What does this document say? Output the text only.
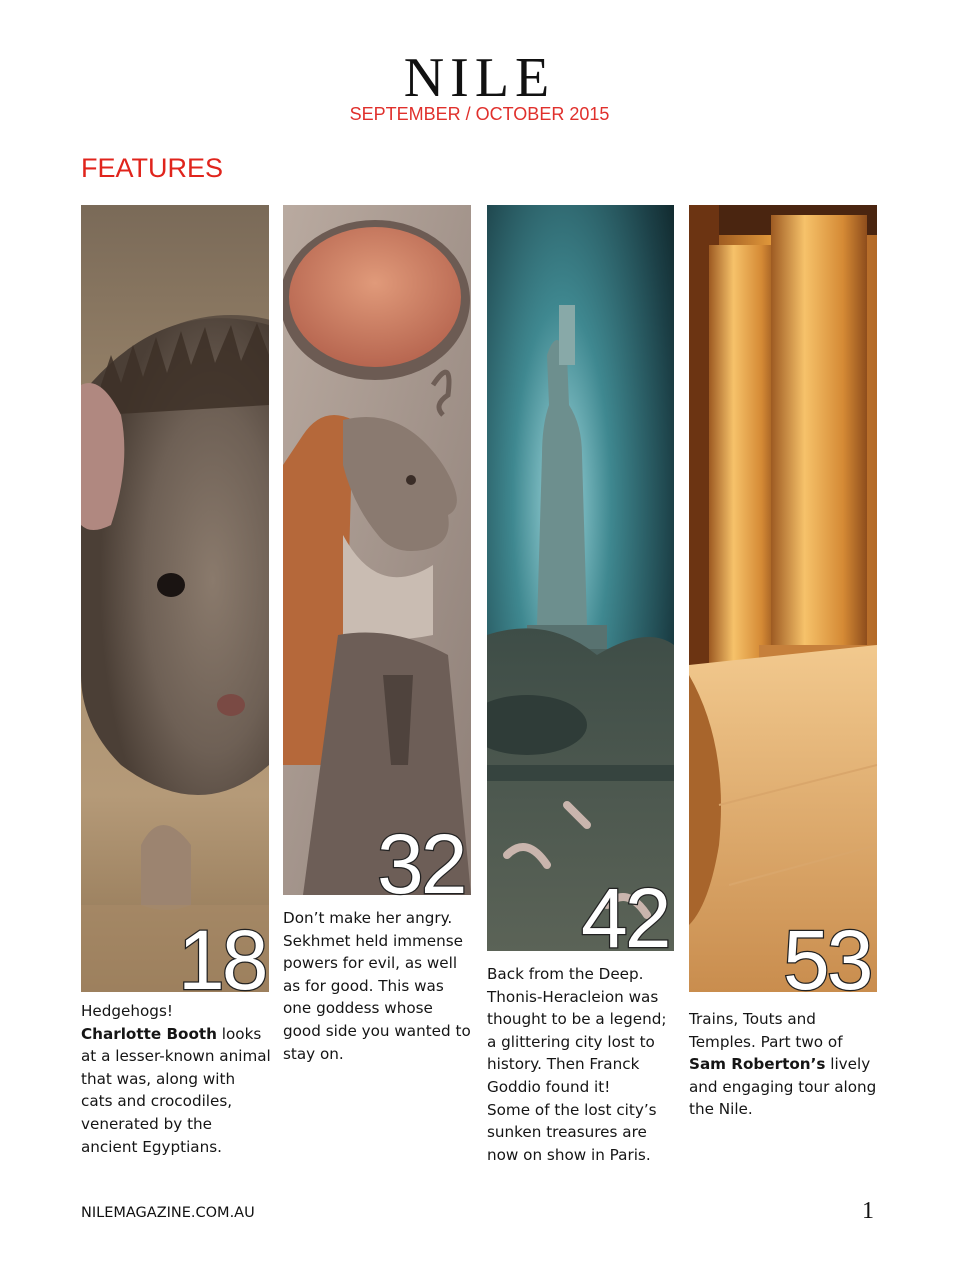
NILE
SEPTEMBER / OCTOBER 2015
FEATURES
18
Hedgehogs!
Charlotte Booth looks at a lesser-known animal that was, along with cats and crocodiles, venerated by the ancient Egyptians.
32
Don’t make her angry. Sekhmet held immense powers for evil, as well as for good. This was one goddess whose good side you wanted to stay on.
42
Back from the Deep. Thonis-Heracleion was thought to be a legend; a glittering city lost to history. Then Franck Goddio found it!
Some of the lost city’s sunken treasures are now on show in Paris.
53
Trains, Touts and Temples. Part two of Sam Roberton’s lively and engaging tour along the Nile.
NILEMAGAZINE.COM.AU	1
